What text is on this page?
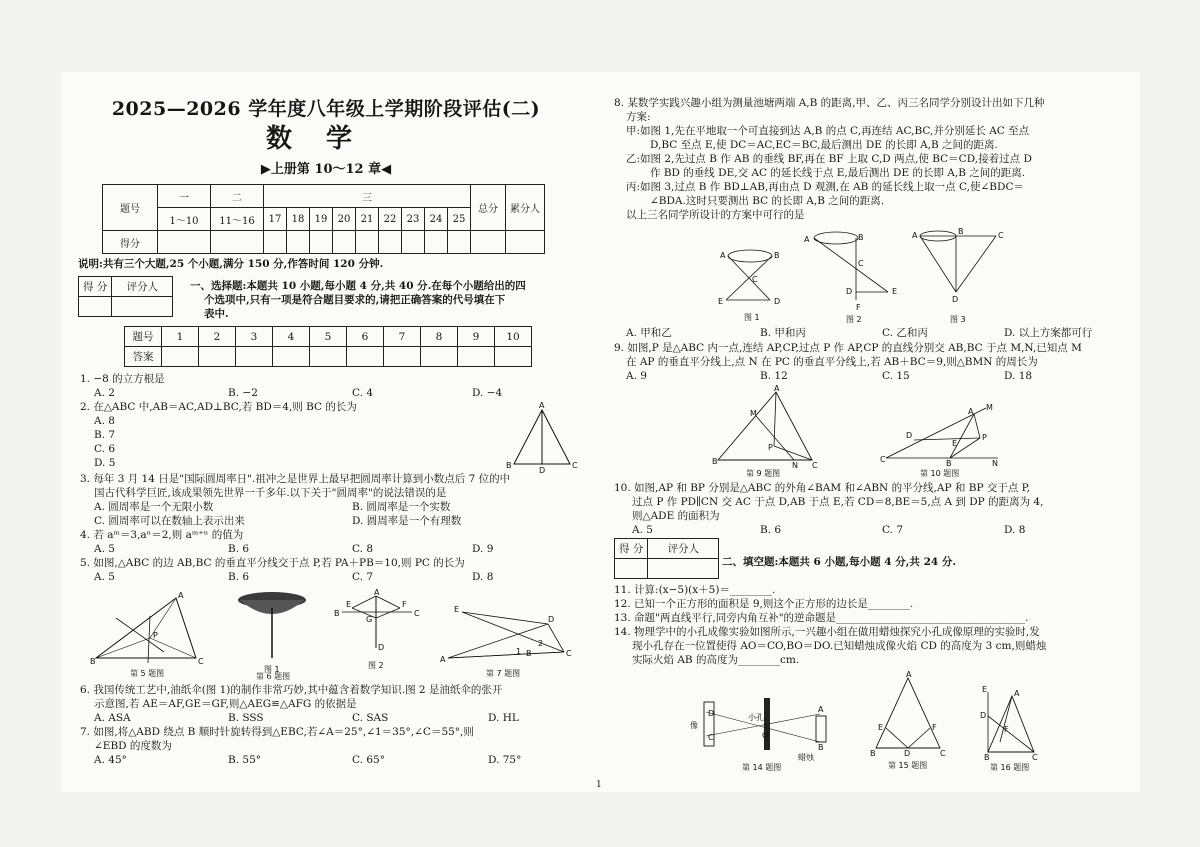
2025—2026 学年度八年级上学期阶段评估(二)
数学
▶上册第 10～12 章◀
题号	一	二	三									总分	累分人
	1～10	11～16	17	18	19	20	21	22	23	24	25		
得分													
说明:共有三个大题,25 个小题,满分 150 分,作答时间 120 分钟.
得 分	评分人
		一、选择题:本题共 10 小题,每小题 4 分,共 40 分.在每个小题给出的四
个选项中,只有一项是符合题目要求的,请把正确答案的代号填在下
表中.
题号	1	2	3	4	5	6	7	8	9	10
答案										
1. −8 的立方根是
A. 2	B. −2	C. 4	D. −4
2. 在△ABC 中,AB＝AC,AD⊥BC,若 BD＝4,则 BC 的长为
A. 8
B. 7
C. 6
D. 5
A
B
D
C
3. 每年 3 月 14 日是"国际圆周率日".祖冲之是世界上最早把圆周率计算到小数点后 7 位的中
国古代科学巨匠,该成果领先世界一千多年.以下关于"圆周率"的说法错误的是
A. 圆周率是一个无限小数	B. 圆周率是一个实数
C. 圆周率可以在数轴上表示出来	D. 圆周率是一个有理数
4. 若 aᵐ＝3,aⁿ＝2,则 aᵐ⁺ⁿ 的值为
A. 5	B. 6	C. 8	D. 9
5. 如图,△ABC 的边 AB,BC 的垂直平分线交于点 P,若 PA＋PB＝10,则 PC 的长为
A. 5	B. 6	C. 7	D. 8
A
B	C
P
第 5 题图	图 1
A
E	F
G
D
B	C
图 2
E
D
C
A
B
1
2
第 7 题图
第 6 题图
6. 我国传统工艺中,油纸伞(图 1)的制作非常巧妙,其中蕴含着数学知识.图 2 是油纸伞的张开
示意图,若 AE＝AF,GE＝GF,则△AEG≌△AFG 的依据是
A. ASA	B. SSS	C. SAS	D. HL
7. 如图,将△ABD 绕点 B 顺时针旋转得到△EBC,若∠A＝25°,∠1＝35°,∠C＝55°,则
∠EBD 的度数为
A. 45°	B. 55°	C. 65°	D. 75°
8. 某数学实践兴趣小组为测量池塘两端 A,B 的距离,甲、乙、丙三名同学分别设计出如下几种
方案:
甲:如图 1,先在平地取一个可直接到达 A,B 的点 C,再连结 AC,BC,并分别延长 AC 至点
D,BC 至点 E,使 DC＝AC,EC＝BC,最后测出 DE 的长即 A,B 之间的距离.
乙:如图 2,先过点 B 作 AB 的垂线 BF,再在 BF 上取 C,D 两点,使 BC＝CD,接着过点 D
作 BD 的垂线 DE,交 AC 的延长线于点 E,最后测出 DE 的长即 A,B 之间的距离.
丙:如图 3,过点 B 作 BD⊥AB,再由点 D 观测,在 AB 的延长线上取一点 C,使∠BDC＝
∠BDA.这时只要测出 BC 的长即 A,B 之间的距离.
以上三名同学所设计的方案中可行的是
A	B
C
E	D
图 1
A	B
C
D	E
F
图 2
A	B	C
D
图 3
A. 甲和乙	B. 甲和丙	C. 乙和丙	D. 以上方案都可行
9. 如图,P 是△ABC 内一点,连结 AP,CP,过点 P 作 AP,CP 的直线分别交 AB,BC 于点 M,N,已知点 M
在 AP 的垂直平分线上,点 N 在 PC 的垂直平分线上,若 AB＋BC＝9,则△BMN 的周长为
A. 9	B. 12	C. 15	D. 18
A
M
P
B	N C
第 9 题图
C	B	N
A M
D
E
P
第 10 题图
10. 如图,AP 和 BP 分别是△ABC 的外角∠BAM 和∠ABN 的平分线,AP 和 BP 交于点 P,
过点 P 作 PD∥CN 交 AC 于点 D,AB 于点 E,若 CD＝8,BE＝5,点 A 到 DP 的距离为 4,
则△ADE 的面积为
A. 5	B. 6	C. 7	D. 8
得 分	评分人

二、填空题:本题共 6 小题,每小题 4 分,共 24 分.
11. 计算:(x−5)(x＋5)＝________.
12. 已知一个正方形的面积是 9,则这个正方形的边长是________.
13. 命题"两直线平行,同旁内角互补"的逆命题是____________________________________.
14. 物理学中的小孔成像实验如图所示,一兴趣小组在做用蜡烛探究小孔成像原理的实验时,发
现小孔存在一位置使得 AO＝CO,BO＝DO.已知蜡烛成像火焰 CD 的高度为 3 cm,则蜡烛
实际火焰 AB 的高度为________cm.
D
C	O
A
B
像
小孔
蜡烛
第 14 题图
A
E	F
B	D	C
第 15 题图
E	A
D
F
B	C
第 16 题图
1
